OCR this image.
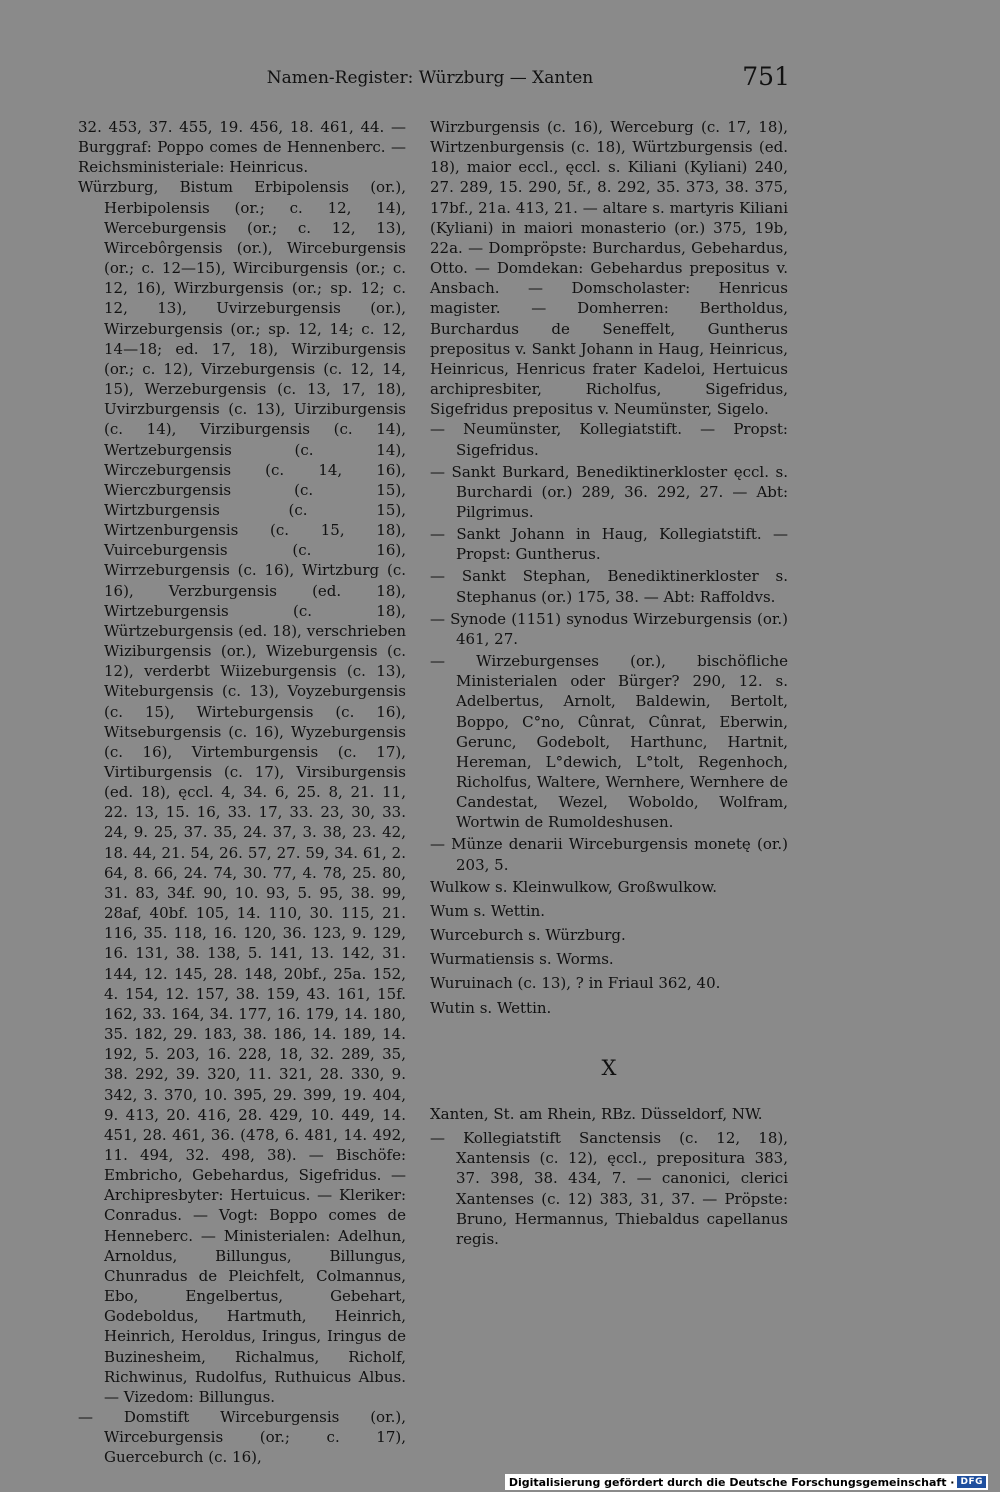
Namen-Register: Würzburg — Xanten	751

32. 453, 37. 455, 19. 456, 18. 461, 44. — Burggraf: Poppo comes de Hennenberc. — Reichsministeriale: Heinricus.

Würzburg, Bistum Erbipolensis (or.), Herbipolensis (or.; c. 12, 14), Werceburgensis (or.; c. 12, 13), Wircebôrgensis (or.), Wirceburgensis (or.; c. 12—15), Wirciburgensis (or.; c. 12, 16), Wirzburgensis (or.; sp. 12; c. 12, 13), Uvirzeburgensis (or.), Wirzeburgensis (or.; sp. 12, 14; c. 12, 14—18; ed. 17, 18), Wirziburgensis (or.; c. 12), Virzeburgensis (c. 12, 14, 15), Werzeburgensis (c. 13, 17, 18), Uvirzburgensis (c. 13), Uirziburgensis (c. 14), Virziburgensis (c. 14), Wertzeburgensis (c. 14), Wirczeburgensis (c. 14, 16), Wierczburgensis (c. 15), Wirtzburgensis (c. 15), Wirtzenburgensis (c. 15, 18), Vuirceburgensis (c. 16), Wirrzeburgensis (c. 16), Wirtzburg (c. 16), Verzburgensis (ed. 18), Wirtzeburgensis (c. 18), Würtzeburgensis (ed. 18), verschrieben Wiziburgensis (or.), Wizeburgensis (c. 12), verderbt Wiizeburgensis (c. 13), Witeburgensis (c. 13), Voyzeburgensis (c. 15), Wirteburgensis (c. 16), Witseburgensis (c. 16), Wyzeburgensis (c. 16), Virtemburgensis (c. 17), Virtiburgensis (c. 17), Virsiburgensis (ed. 18), ęccl. 4, 34. 6, 25. 8, 21. 11, 22. 13, 15. 16, 33. 17, 33. 23, 30, 33. 24, 9. 25, 37. 35, 24. 37, 3. 38, 23. 42, 18. 44, 21. 54, 26. 57, 27. 59, 34. 61, 2. 64, 8. 66, 24. 74, 30. 77, 4. 78, 25. 80, 31. 83, 34f. 90, 10. 93, 5. 95, 38. 99, 28af, 40bf. 105, 14. 110, 30. 115, 21. 116, 35. 118, 16. 120, 36. 123, 9. 129, 16. 131, 38. 138, 5. 141, 13. 142, 31. 144, 12. 145, 28. 148, 20bf., 25a. 152, 4. 154, 12. 157, 38. 159, 43. 161, 15f. 162, 33. 164, 34. 177, 16. 179, 14. 180, 35. 182, 29. 183, 38. 186, 14. 189, 14. 192, 5. 203, 16. 228, 18, 32. 289, 35, 38. 292, 39. 320, 11. 321, 28. 330, 9. 342, 3. 370, 10. 395, 29. 399, 19. 404, 9. 413, 20. 416, 28. 429, 10. 449, 14. 451, 28. 461, 36. (478, 6. 481, 14. 492, 11. 494, 32. 498, 38). — Bischöfe: Embricho, Gebehardus, Sigefridus. — Archipresbyter: Hertuicus. — Kleriker: Conradus. — Vogt: Boppo comes de Henneberc. — Ministerialen: Adelhun, Arnoldus, Billungus, Billungus, Chunradus de Pleichfelt, Colmannus, Ebo, Engelbertus, Gebehart, Godeboldus, Hartmuth, Heinrich, Heinrich, Heroldus, Iringus, Iringus de Buzinesheim, Richalmus, Richolf, Richwinus, Rudolfus, Ruthuicus Albus. — Vizedom: Billungus.

— Domstift Wirceburgensis (or.), Wirceburgensis (or.; c. 17), Guerceburch (c. 16),

Wirzburgensis (c. 16), Werceburg (c. 17, 18), Wirtzenburgensis (c. 18), Würtzburgensis (ed. 18), maior eccl., ęccl. s. Kiliani (Kyliani) 240, 27. 289, 15. 290, 5f., 8. 292, 35. 373, 38. 375, 17bf., 21a. 413, 21. — altare s. martyris Kiliani (Kyliani) in maiori monasterio (or.) 375, 19b, 22a. — Dompröpste: Burchardus, Gebehardus, Otto. — Domdekan: Gebehardus prepositus v. Ansbach. — Domscholaster: Henricus magister. — Domherren: Bertholdus, Burchardus de Seneffelt, Guntherus prepositus v. Sankt Johann in Haug, Heinricus, Heinricus, Henricus frater Kadeloi, Hertuicus archipresbiter, Richolfus, Sigefridus, Sigefridus prepositus v. Neumünster, Sigelo.

— Neumünster, Kollegiatstift. — Propst: Sigefridus.

— Sankt Burkard, Benediktinerkloster ęccl. s. Burchardi (or.) 289, 36. 292, 27. — Abt: Pilgrimus.

— Sankt Johann in Haug, Kollegiatstift. — Propst: Guntherus.

— Sankt Stephan, Benediktinerkloster s. Stephanus (or.) 175, 38. — Abt: Raffoldvs.

— Synode (1151) synodus Wirzeburgensis (or.) 461, 27.

— Wirzeburgenses (or.), bischöfliche Ministerialen oder Bürger? 290, 12. s. Adelbertus, Arnolt, Baldewin, Bertolt, Boppo, C°no, Cûnrat, Cûnrat, Eberwin, Gerunc, Godebolt, Harthunc, Hartnit, Hereman, L°dewich, L°tolt, Regenhoch, Richolfus, Waltere, Wernhere, Wernhere de Candestat, Wezel, Woboldo, Wolfram, Wortwin de Rumoldeshusen.

— Münze denarii Wirceburgensis monetę (or.) 203, 5.

Wulkow s. Kleinwulkow, Großwulkow.

Wum s. Wettin.

Wurceburch s. Würzburg.

Wurmatiensis s. Worms.

Wuruinach (c. 13), ? in Friaul 362, 40.

Wutin s. Wettin.

X

Xanten, St. am Rhein, RBz. Düsseldorf, NW.

— Kollegiatstift Sanctensis (c. 12, 18), Xantensis (c. 12), ęccl., prepositura 383, 37. 398, 38. 434, 7. — canonici, clerici Xantenses (c. 12) 383, 31, 37. — Pröpste: Bruno, Hermannus, Thiebaldus capellanus regis.

Digitalisierung gefördert durch die Deutsche Forschungsgemeinschaft · DFG
